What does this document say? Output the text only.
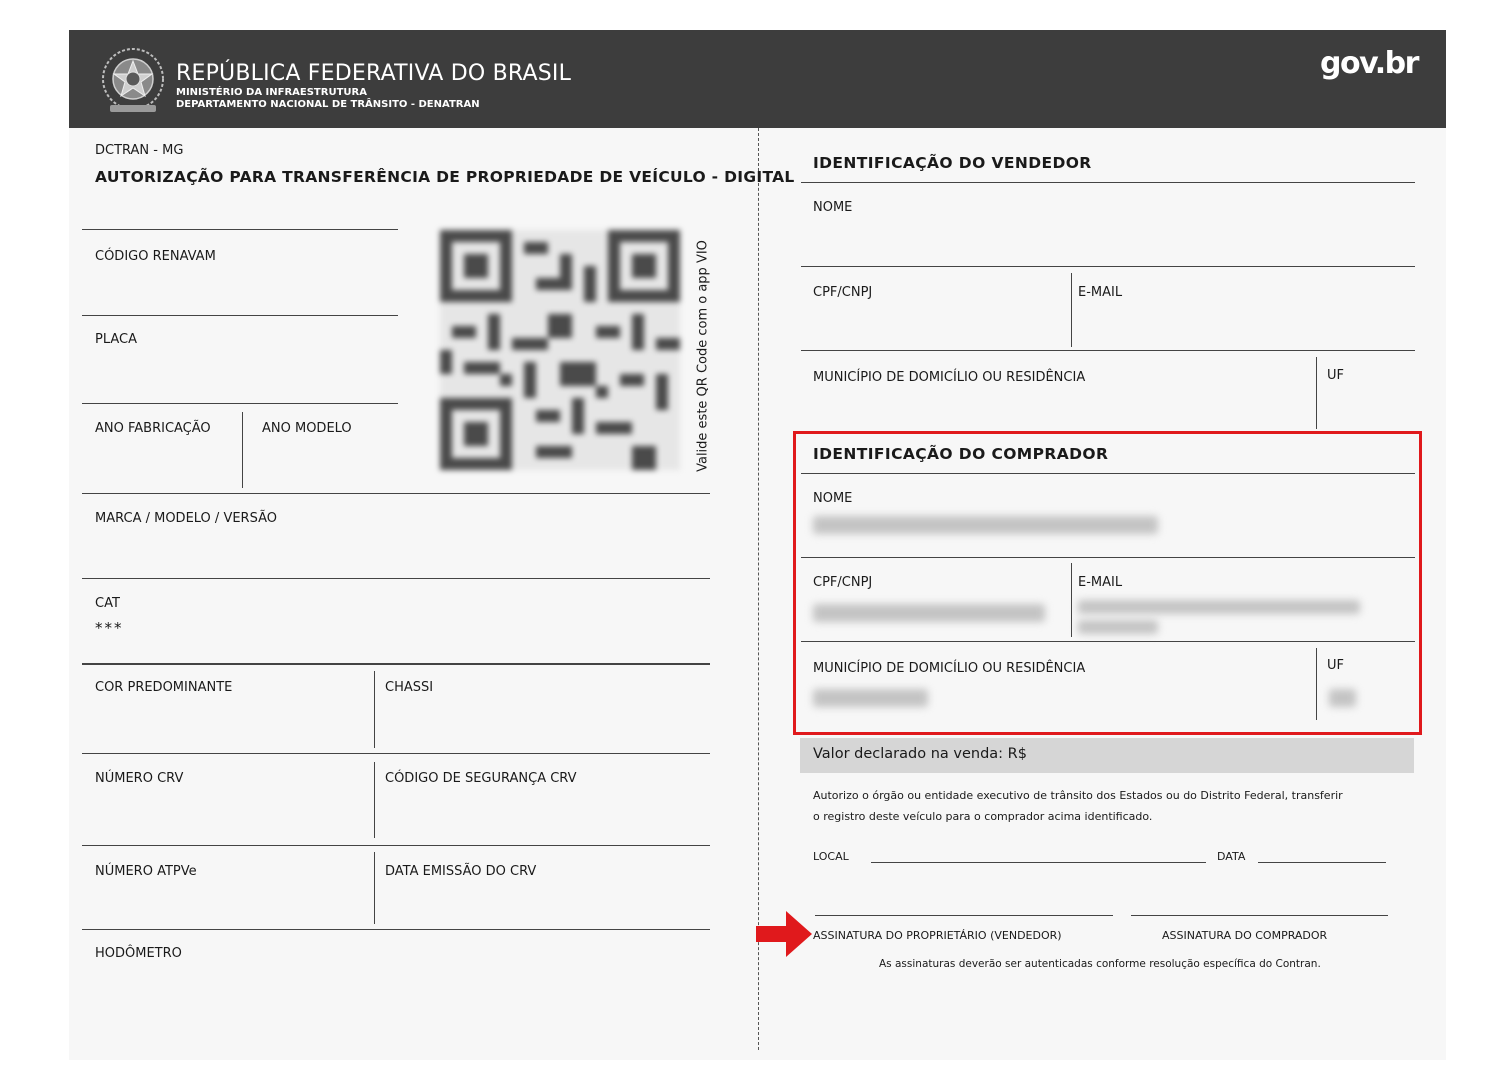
REPÚBLICA FEDERATIVA DO BRASIL
MINISTÉRIO DA INFRAESTRUTURA
DEPARTAMENTO NACIONAL DE TRÂNSITO - DENATRAN
gov.br
DCTRAN - MG
AUTORIZAÇÃO PARA TRANSFERÊNCIA DE PROPRIEDADE DE VEÍCULO - DIGITAL
CÓDIGO RENAVAM
PLACA
ANO FABRICAÇÃO	ANO MODELO	Valide este QR Code com o app VIO
MARCA / MODELO / VERSÃO
CAT
***
COR PREDOMINANTE	CHASSI
NÚMERO CRV	CÓDIGO DE SEGURANÇA CRV
NÚMERO ATPVe	DATA EMISSÃO DO CRV
HODÔMETRO
IDENTIFICAÇÃO DO VENDEDOR
NOME
CPF/CNPJ	E-MAIL
MUNICÍPIO DE DOMICÍLIO OU RESIDÊNCIA	UF
IDENTIFICAÇÃO DO COMPRADOR
NOME
CPF/CNPJ	E-MAIL
MUNICÍPIO DE DOMICÍLIO OU RESIDÊNCIA	UF
Valor declarado na venda: R$
Autorizo o órgão ou entidade executivo de trânsito dos Estados ou do Distrito Federal, transferir
o registro deste veículo para o comprador acima identificado.
LOCAL	DATA
ASSINATURA DO PROPRIETÁRIO (VENDEDOR)	ASSINATURA DO COMPRADOR
As assinaturas deverão ser autenticadas conforme resolução específica do Contran.
